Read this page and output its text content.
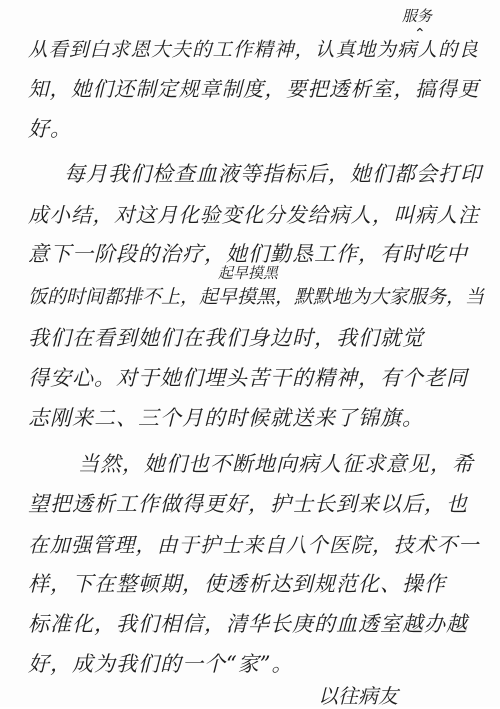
服务
⌃
从看到白求恩大夫的工作精神，认真地为病人的良
知，她们还制定规章制度，要把透析室，搞得更
好。
每月我们检查血液等指标后，她们都会打印
成小结，对这月化验变化分发给病人，叫病人注
意下一阶段的治疗，她们勤恳工作，有时吃中
起早摸黑
饭的时间都排不上，起早摸黑，默默地为大家服务，当
我们在看到她们在我们身边时，我们就觉
得安心。对于她们埋头苦干的精神，有个老同
志刚来二、三个月的时候就送来了锦旗。
当然，她们也不断地向病人征求意见，希
望把透析工作做得更好，护士长到来以后，也
在加强管理，由于护士来自八个医院，技术不一
样，下在整顿期，使透析达到规范化、操作
标准化，我们相信，清华长庚的血透室越办越
好，成为我们的一个“家”。
以往病友
